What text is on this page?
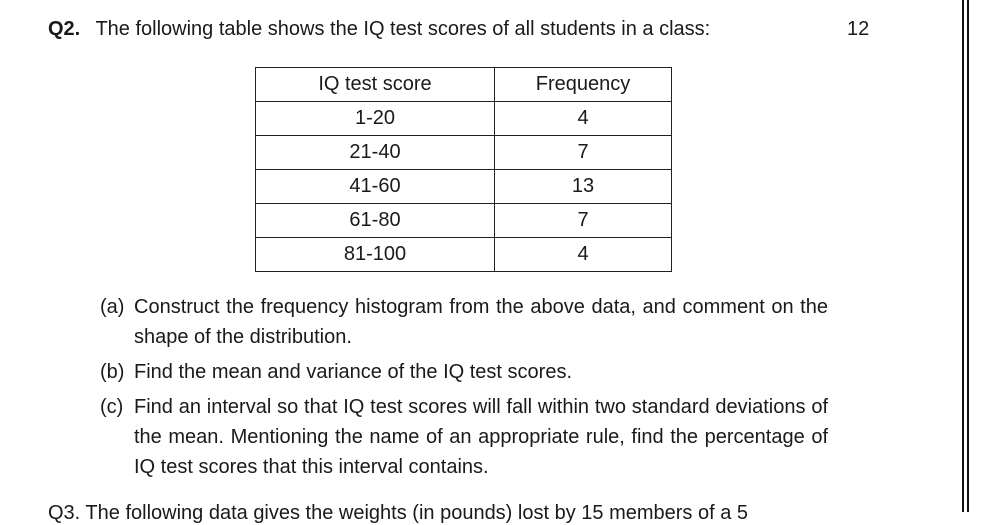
Q2. The following table shows the IQ test scores of all students in a class:	12
IQ test score	Frequency
1-20	4
21-40	7
41-60	13
61-80	7
81-100	4
(a) Construct the frequency histogram from the above data, and comment on the shape of the distribution.
(b) Find the mean and variance of the IQ test scores.
(c) Find an interval so that IQ test scores will fall within two standard deviations of the mean. Mentioning the name of an appropriate rule, find the percentage of IQ test scores that this interval contains.
Q3. The following data gives the weights (in pounds) lost by 15 members of a 5
